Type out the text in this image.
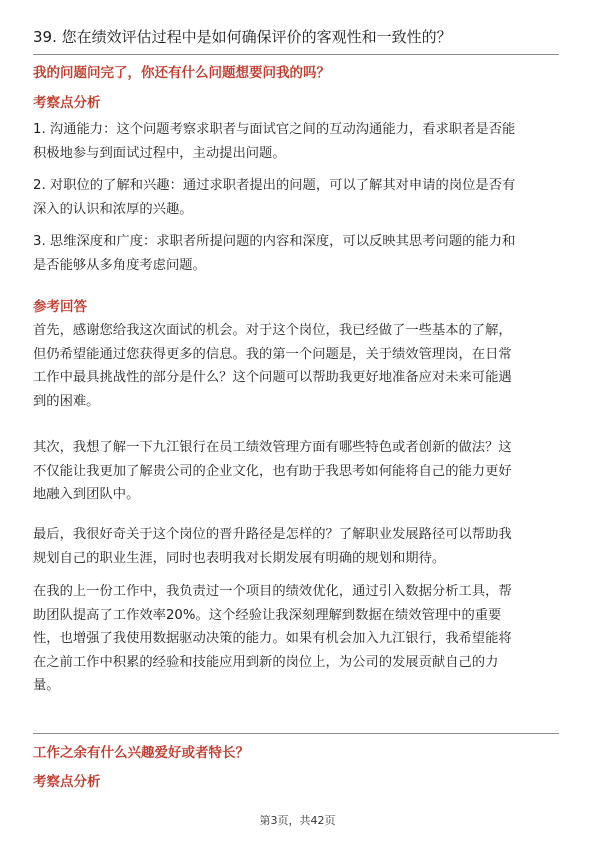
39. 您在绩效评估过程中是如何确保评价的客观性和一致性的？
我的问题问完了，你还有什么问题想要问我的吗？
考察点分析
1. 沟通能力：这个问题考察求职者与面试官之间的互动沟通能力，看求职者是否能
积极地参与到面试过程中，主动提出问题。
2. 对职位的了解和兴趣：通过求职者提出的问题，可以了解其对申请的岗位是否有
深入的认识和浓厚的兴趣。
3. 思维深度和广度：求职者所提问题的内容和深度，可以反映其思考问题的能力和
是否能够从多角度考虑问题。
参考回答
首先，感谢您给我这次面试的机会。对于这个岗位，我已经做了一些基本的了解，
但仍希望能通过您获得更多的信息。我的第一个问题是，关于绩效管理岗，在日常
工作中最具挑战性的部分是什么？这个问题可以帮助我更好地准备应对未来可能遇
到的困难。
其次，我想了解一下九江银行在员工绩效管理方面有哪些特色或者创新的做法？这
不仅能让我更加了解贵公司的企业文化，也有助于我思考如何能将自己的能力更好
地融入到团队中。
最后，我很好奇关于这个岗位的晋升路径是怎样的？了解职业发展路径可以帮助我
规划自己的职业生涯，同时也表明我对长期发展有明确的规划和期待。
在我的上一份工作中，我负责过一个项目的绩效优化，通过引入数据分析工具，帮
助团队提高了工作效率20%。这个经验让我深刻理解到数据在绩效管理中的重要
性，也增强了我使用数据驱动决策的能力。如果有机会加入九江银行，我希望能将
在之前工作中积累的经验和技能应用到新的岗位上，为公司的发展贡献自己的力
量。
工作之余有什么兴趣爱好或者特长？
考察点分析
第3页，共42页
